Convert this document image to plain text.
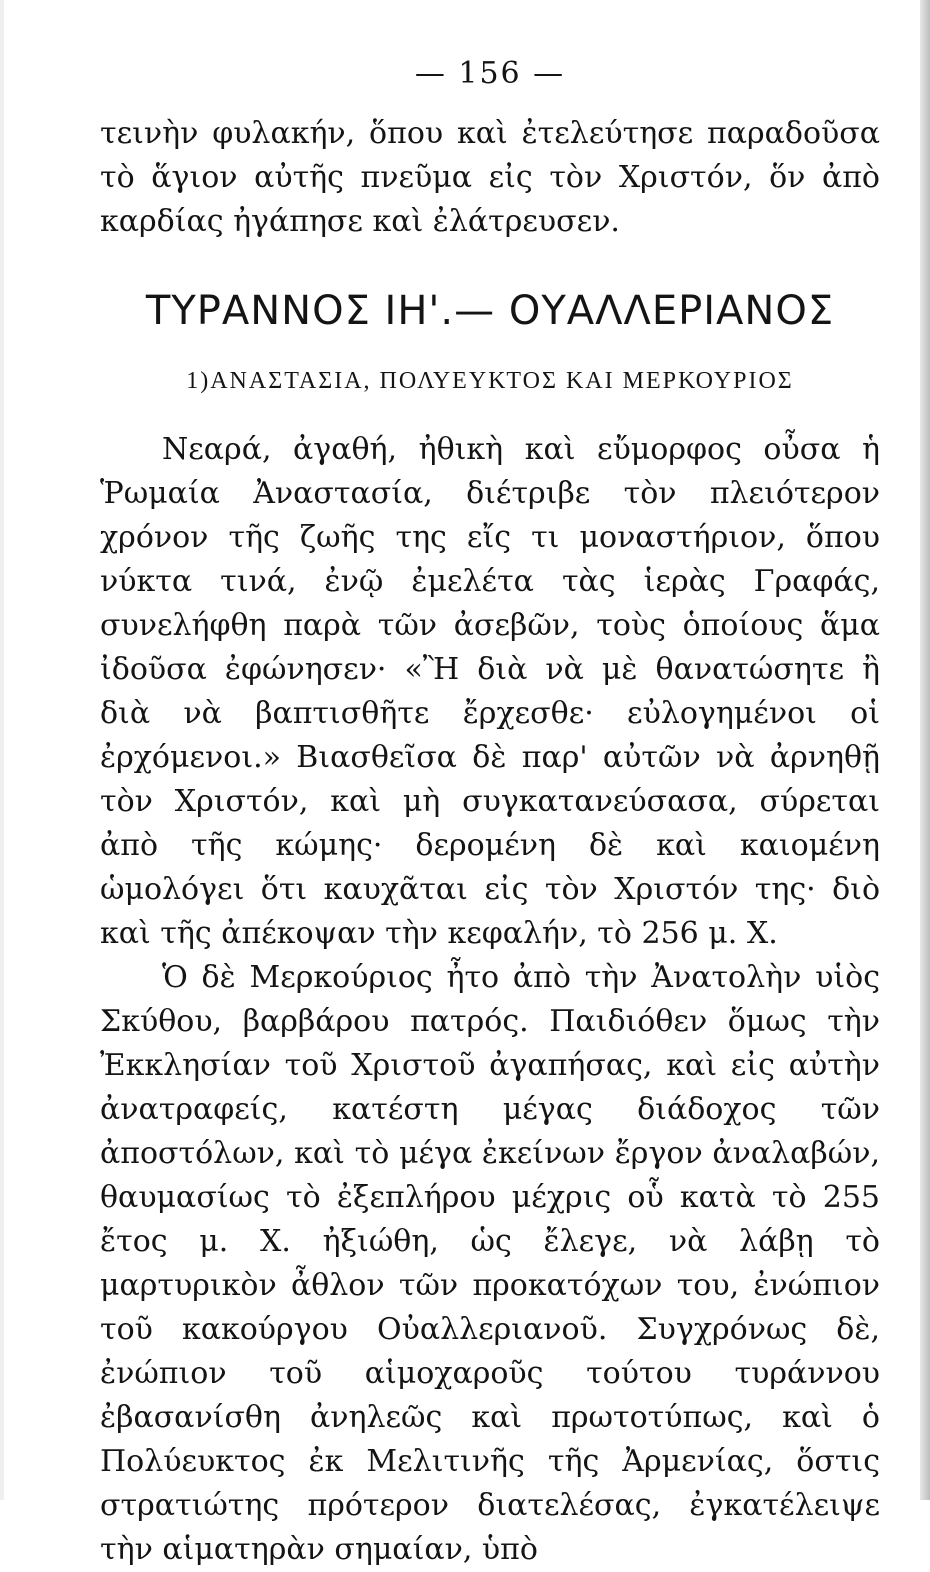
— 156 —

τεινὴν φυλακήν, ὅπου καὶ ἐτελεύτησε παραδοῦσα τὸ ἅγιον αὐτῆς πνεῦμα εἰς τὸν Χριστόν, ὅν ἀπὸ καρδίας ἠγάπησε καὶ ἐλάτρευσεν.

ΤΥΡΑΝΝΟΣ ΙΗ'.— ΟΥΑΛΛΕΡΙΑΝΟΣ
1)ΑΝΑΣΤΑΣΙΑ, ΠΟΛΥΕΥΚΤΟΣ ΚΑΙ ΜΕΡΚΟΥΡΙΟΣ

Νεαρά, ἀγαθή, ἠθικὴ καὶ εὔμορφος οὖσα ἡ Ῥωμαία Ἀναστασία, διέτριβε τὸν πλειότερον χρόνον τῆς ζωῆς της εἴς τι μοναστήριον, ὅπου νύκτα τινά, ἐνῷ ἐμελέτα τὰς ἱερὰς Γραφάς, συνελήφθη παρὰ τῶν ἀσεβῶν, τοὺς ὁποίους ἅμα ἰδοῦσα ἐφώνησεν· «Ἢ διὰ νὰ μὲ θανατώσητε ἢ διὰ νὰ βαπτισθῆτε ἔρχεσθε· εὐλογημένοι οἱ ἐρχόμενοι.» Βιασθεῖσα δὲ παρ' αὐτῶν νὰ ἀρνηθῇ τὸν Χριστόν, καὶ μὴ συγκατανεύσασα, σύρεται ἀπὸ τῆς κώμης· δερομένη δὲ καὶ καιομένη ὡμολόγει ὅτι καυχᾶται εἰς τὸν Χριστόν της· διὸ καὶ τῆς ἀπέκοψαν τὴν κεφαλήν, τὸ 256 μ. Χ.

Ὁ δὲ Μερκούριος ἦτο ἀπὸ τὴν Ἀνατολὴν υἱὸς Σκύθου, βαρβάρου πατρός. Παιδιόθεν ὅμως τὴν Ἐκκλησίαν τοῦ Χριστοῦ ἀγαπήσας, καὶ εἰς αὐτὴν ἀνατραφείς, κατέστη μέγας διάδοχος τῶν ἀποστόλων, καὶ τὸ μέγα ἐκείνων ἔργον ἀναλαβών, θαυμασίως τὸ ἐξεπλήρου μέχρις οὗ κατὰ τὸ 255 ἔτος μ. Χ. ἠξιώθη, ὡς ἔλεγε, νὰ λάβῃ τὸ μαρτυρικὸν ἆθλον τῶν προκατόχων του, ἐνώπιον τοῦ κακούργου Οὐαλλεριανοῦ. Συγχρόνως δὲ, ἐνώπιον τοῦ αἱμοχαροῦς τούτου τυράννου ἐβασανίσθη ἀνηλεῶς καὶ πρωτοτύπως, καὶ ὁ Πολύευκτος ἐκ Μελιτινῆς τῆς Ἀρμενίας, ὅστις στρατιώτης πρότερον διατελέσας, ἐγκατέλειψε τὴν αἱματηρὰν σημαίαν, ὑπὸ
